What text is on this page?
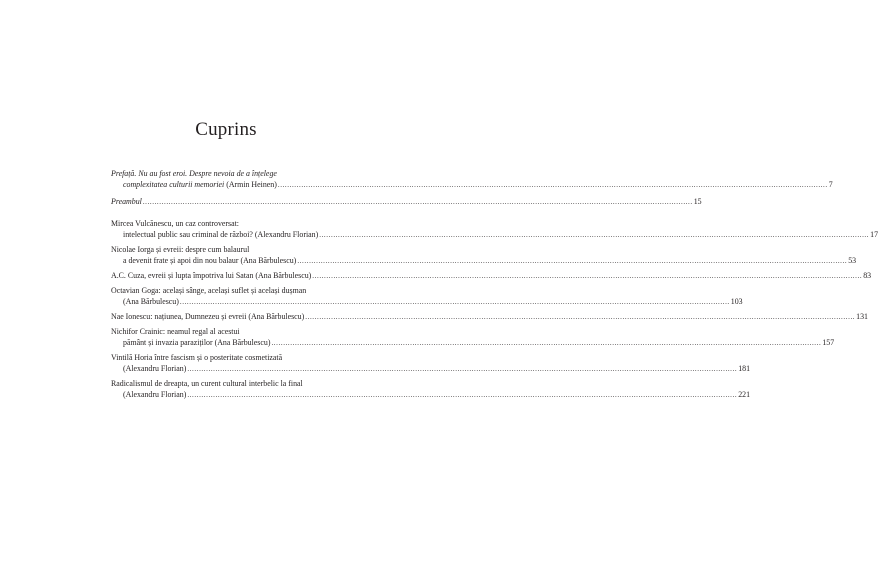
Cuprins
Prefață. Nu au fost eroi. Despre nevoia de a înțelege
complexitatea culturii memoriei (Armin Heinen) .....	7
Preambul .....	15
Mircea Vulcănescu, un caz controversat:
intelectual public sau criminal de război? (Alexandru Florian) .....	17
Nicolae Iorga și evreii: despre cum balaurul
a devenit frate și apoi din nou balaur (Ana Bărbulescu) .....	53
A.C. Cuza, evreii și lupta împotriva lui Satan (Ana Bărbulescu) .....	83
Octavian Goga: același sânge, același suflet și același dușman
(Ana Bărbulescu) .....	103
Nae Ionescu: națiunea, Dumnezeu și evreii (Ana Bărbulescu) .....	131
Nichifor Crainic: neamul regal al acestui
pământ și invazia paraziților (Ana Bărbulescu) .....	157
Vintilă Horia între fascism și o posteritate cosmetizată
(Alexandru Florian) .....	181
Radicalismul de dreapta, un curent cultural interbelic la final
(Alexandru Florian) .....	221
